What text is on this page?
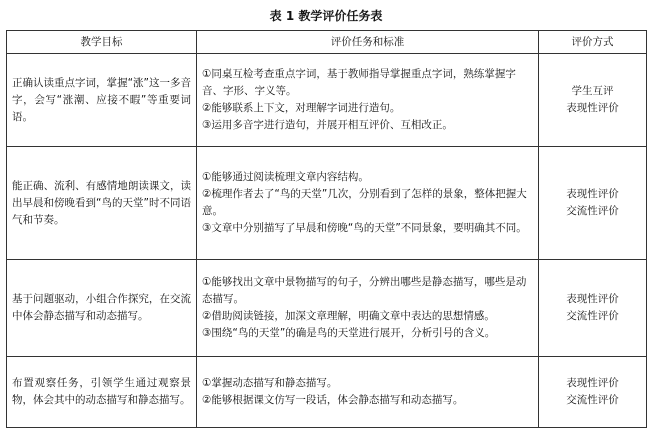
表 1 教学评价任务表
教学目标	评价任务和标准	评价方式
正确认读重点字词，掌握“涨”这一多音字，会写“涨潮、应接不暇”等重要词语。	①同桌互检考查重点字词，基于教师指导掌握重点字词，熟练掌握字音、字形、字义等。
②能够联系上下文，对理解字词进行造句。
③运用多音字进行造句，并展开相互评价、互相改正。	学生互评
表现性评价

能正确、流利、有感情地朗读课文，读出早晨和傍晚看到“鸟的天堂”时不同语气和节奏。	①能够通过阅读梳理文章内容结构。
②梳理作者去了“鸟的天堂”几次，分别看到了怎样的景象，整体把握大意。
③文章中分别描写了早晨和傍晚“鸟的天堂”不同景象，要明确其不同。	表现性评价
交流性评价

基于问题驱动，小组合作探究，在交流中体会静态描写和动态描写。	①能够找出文章中景物描写的句子，分辨出哪些是静态描写，哪些是动态描写。
②借助阅读链接，加深文章理解，明确文章中表达的思想情感。
③围绕“鸟的天堂”的确是鸟的天堂进行展开，分析引号的含义。	表现性评价
交流性评价

布置观察任务，引领学生通过观察景物，体会其中的动态描写和静态描写。	①掌握动态描写和静态描写。
②能够根据课文仿写一段话，体会静态描写和动态描写。	表现性评价
交流性评价
